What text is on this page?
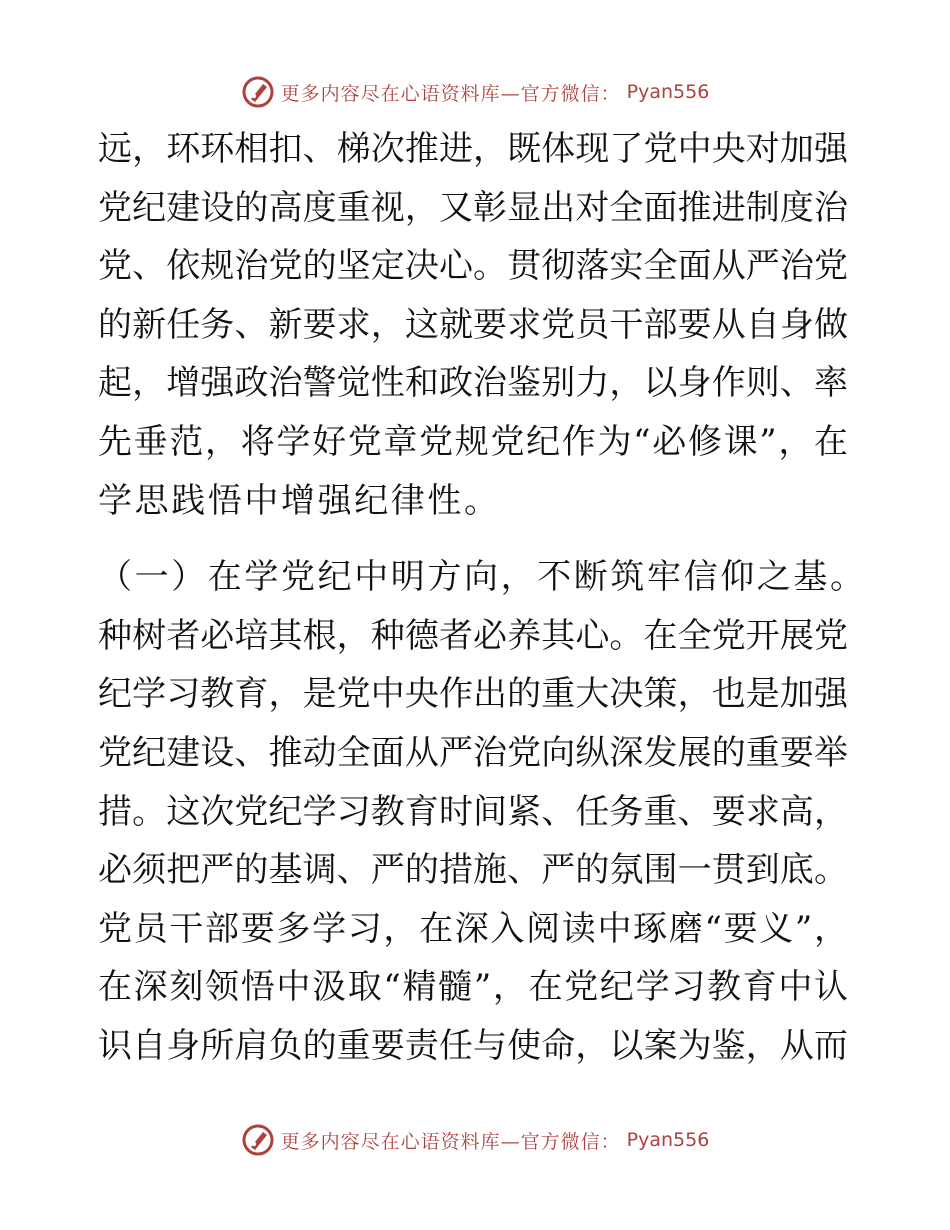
更多内容尽在心语资料库—官方微信： Pyan556
远，环环相扣、梯次推进，既体现了党中央对加强
党纪建设的高度重视，又彰显出对全面推进制度治
党、依规治党的坚定决心。贯彻落实全面从严治党
的新任务、新要求，这就要求党员干部要从自身做
起，增强政治警觉性和政治鉴别力，以身作则、率
先垂范，将学好党章党规党纪作为“必修课”，在
学思践悟中增强纪律性。
（一）在学党纪中明方向，不断筑牢信仰之基。
种树者必培其根，种德者必养其心。在全党开展党
纪学习教育，是党中央作出的重大决策，也是加强
党纪建设、推动全面从严治党向纵深发展的重要举
措。这次党纪学习教育时间紧、任务重、要求高，
必须把严的基调、严的措施、严的氛围一贯到底。
党员干部要多学习，在深入阅读中琢磨“要义”，
在深刻领悟中汲取“精髓”，在党纪学习教育中认
识自身所肩负的重要责任与使命，以案为鉴，从而
更多内容尽在心语资料库—官方微信： Pyan556
